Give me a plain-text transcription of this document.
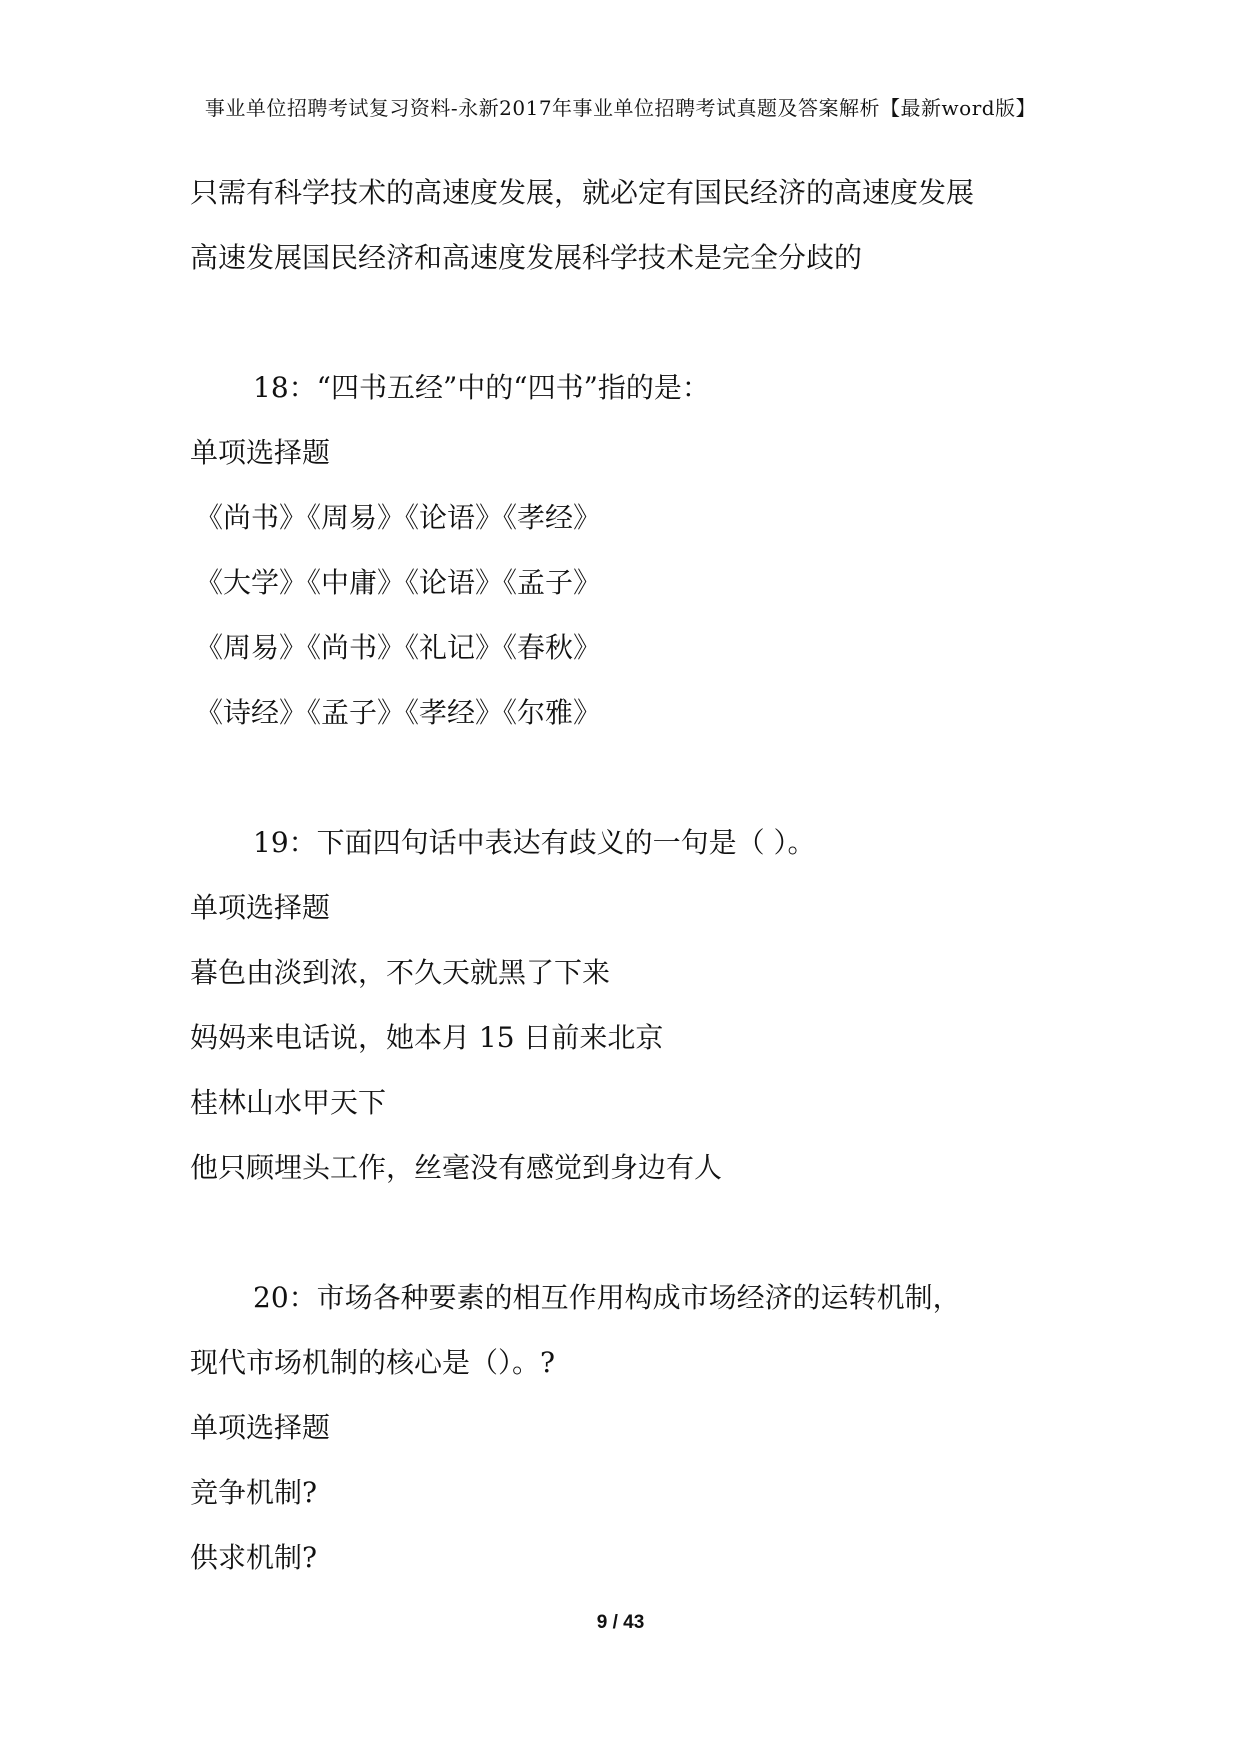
事业单位招聘考试复习资料-永新2017年事业单位招聘考试真题及答案解析【最新word版】
只需有科学技术的高速度发展，就必定有国民经济的高速度发展
高速发展国民经济和高速度发展科学技术是完全分歧的
18：“四书五经”中的“四书”指的是：
单项选择题
《尚书》《周易》《论语》《孝经》
《大学》《中庸》《论语》《孟子》
《周易》《尚书》《礼记》《春秋》
《诗经》《孟子》《孝经》《尔雅》
19：下面四句话中表达有歧义的一句是（ ）。
单项选择题
暮色由淡到浓，不久天就黑了下来
妈妈来电话说，她本月 15 日前来北京
桂林山水甲天下
他只顾埋头工作，丝毫没有感觉到身边有人
20：市场各种要素的相互作用构成市场经济的运转机制，
现代市场机制的核心是（）。?
单项选择题
竞争机制?
供求机制?
9 / 43
